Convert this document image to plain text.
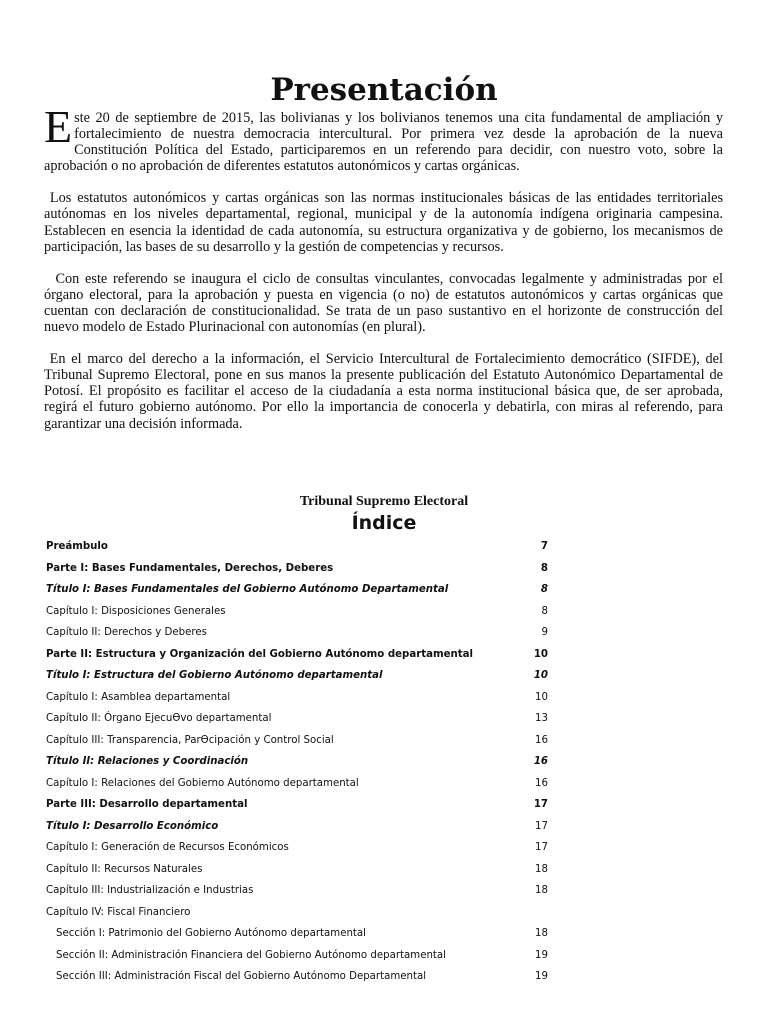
Presentación

Este 20 de septiembre de 2015, las bolivianas y los bolivianos tenemos una cita fundamental de ampliación y fortalecimiento de nuestra democracia intercultural. Por primera vez desde la aprobación de la nueva Constitución Política del Estado, participaremos en un referendo para decidir, con nuestro voto, sobre la aprobación o no aprobación de diferentes estatutos autonómicos y cartas orgánicas.

Los estatutos autonómicos y cartas orgánicas son las normas institucionales básicas de las entidades territoriales autónomas en los niveles departamental, regional, municipal y de la autonomía indígena originaria campesina. Establecen en esencia la identidad de cada autonomía, su estructura organizativa y de gobierno, los mecanismos de participación, las bases de su desarrollo y la gestión de competencias y recursos.

Con este referendo se inaugura el ciclo de consultas vinculantes, convocadas legalmente y administradas por el órgano electoral, para la aprobación y puesta en vigencia (o no) de estatutos autonómicos y cartas orgánicas que cuentan con declaración de constitucionalidad. Se trata de un paso sustantivo en el horizonte de construcción del nuevo modelo de Estado Plurinacional con autonomías (en plural).

En el marco del derecho a la información, el Servicio Intercultural de Fortalecimiento democrático (SIFDE), del Tribunal Supremo Electoral, pone en sus manos la presente publicación del Estatuto Autonómico Departamental de Potosí. El propósito es facilitar el acceso de la ciudadanía a esta norma institucional básica que, de ser aprobada, regirá el futuro gobierno autónomo. Por ello la importancia de conocerla y debatirla, con miras al referendo, para garantizar una decisión informada.

Tribunal Supremo Electoral
Índice
Preámbulo	7
Parte I: Bases Fundamentales, Derechos, Deberes	8
Título I: Bases Fundamentales del Gobierno Autónomo Departamental	8
Capítulo I: Disposiciones Generales	8
Capítulo II: Derechos y Deberes	9
Parte II: Estructura y Organización del Gobierno Autónomo departamental	10
Título I: Estructura del Gobierno Autónomo departamental	10
Capítulo I: Asamblea departamental	10
Capítulo II: Órgano EjecuƟvo departamental	13
Capítulo III: Transparencia, ParƟcipación y Control Social	16
Título II: Relaciones y Coordinación	16
Capítulo I: Relaciones del Gobierno Autónomo departamental	16
Parte III: Desarrollo departamental	17
Título I: Desarrollo Económico	17
Capítulo I: Generación de Recursos Económicos	17
Capítulo II: Recursos Naturales	18
Capítulo III: Industrialización e Industrias	18
Capítulo IV: Fiscal Financiero
Sección I: Patrimonio del Gobierno Autónomo departamental	18
Sección II: Administración Financiera del Gobierno Autónomo departamental	19
Sección III: Administración Fiscal del Gobierno Autónomo Departamental	19
